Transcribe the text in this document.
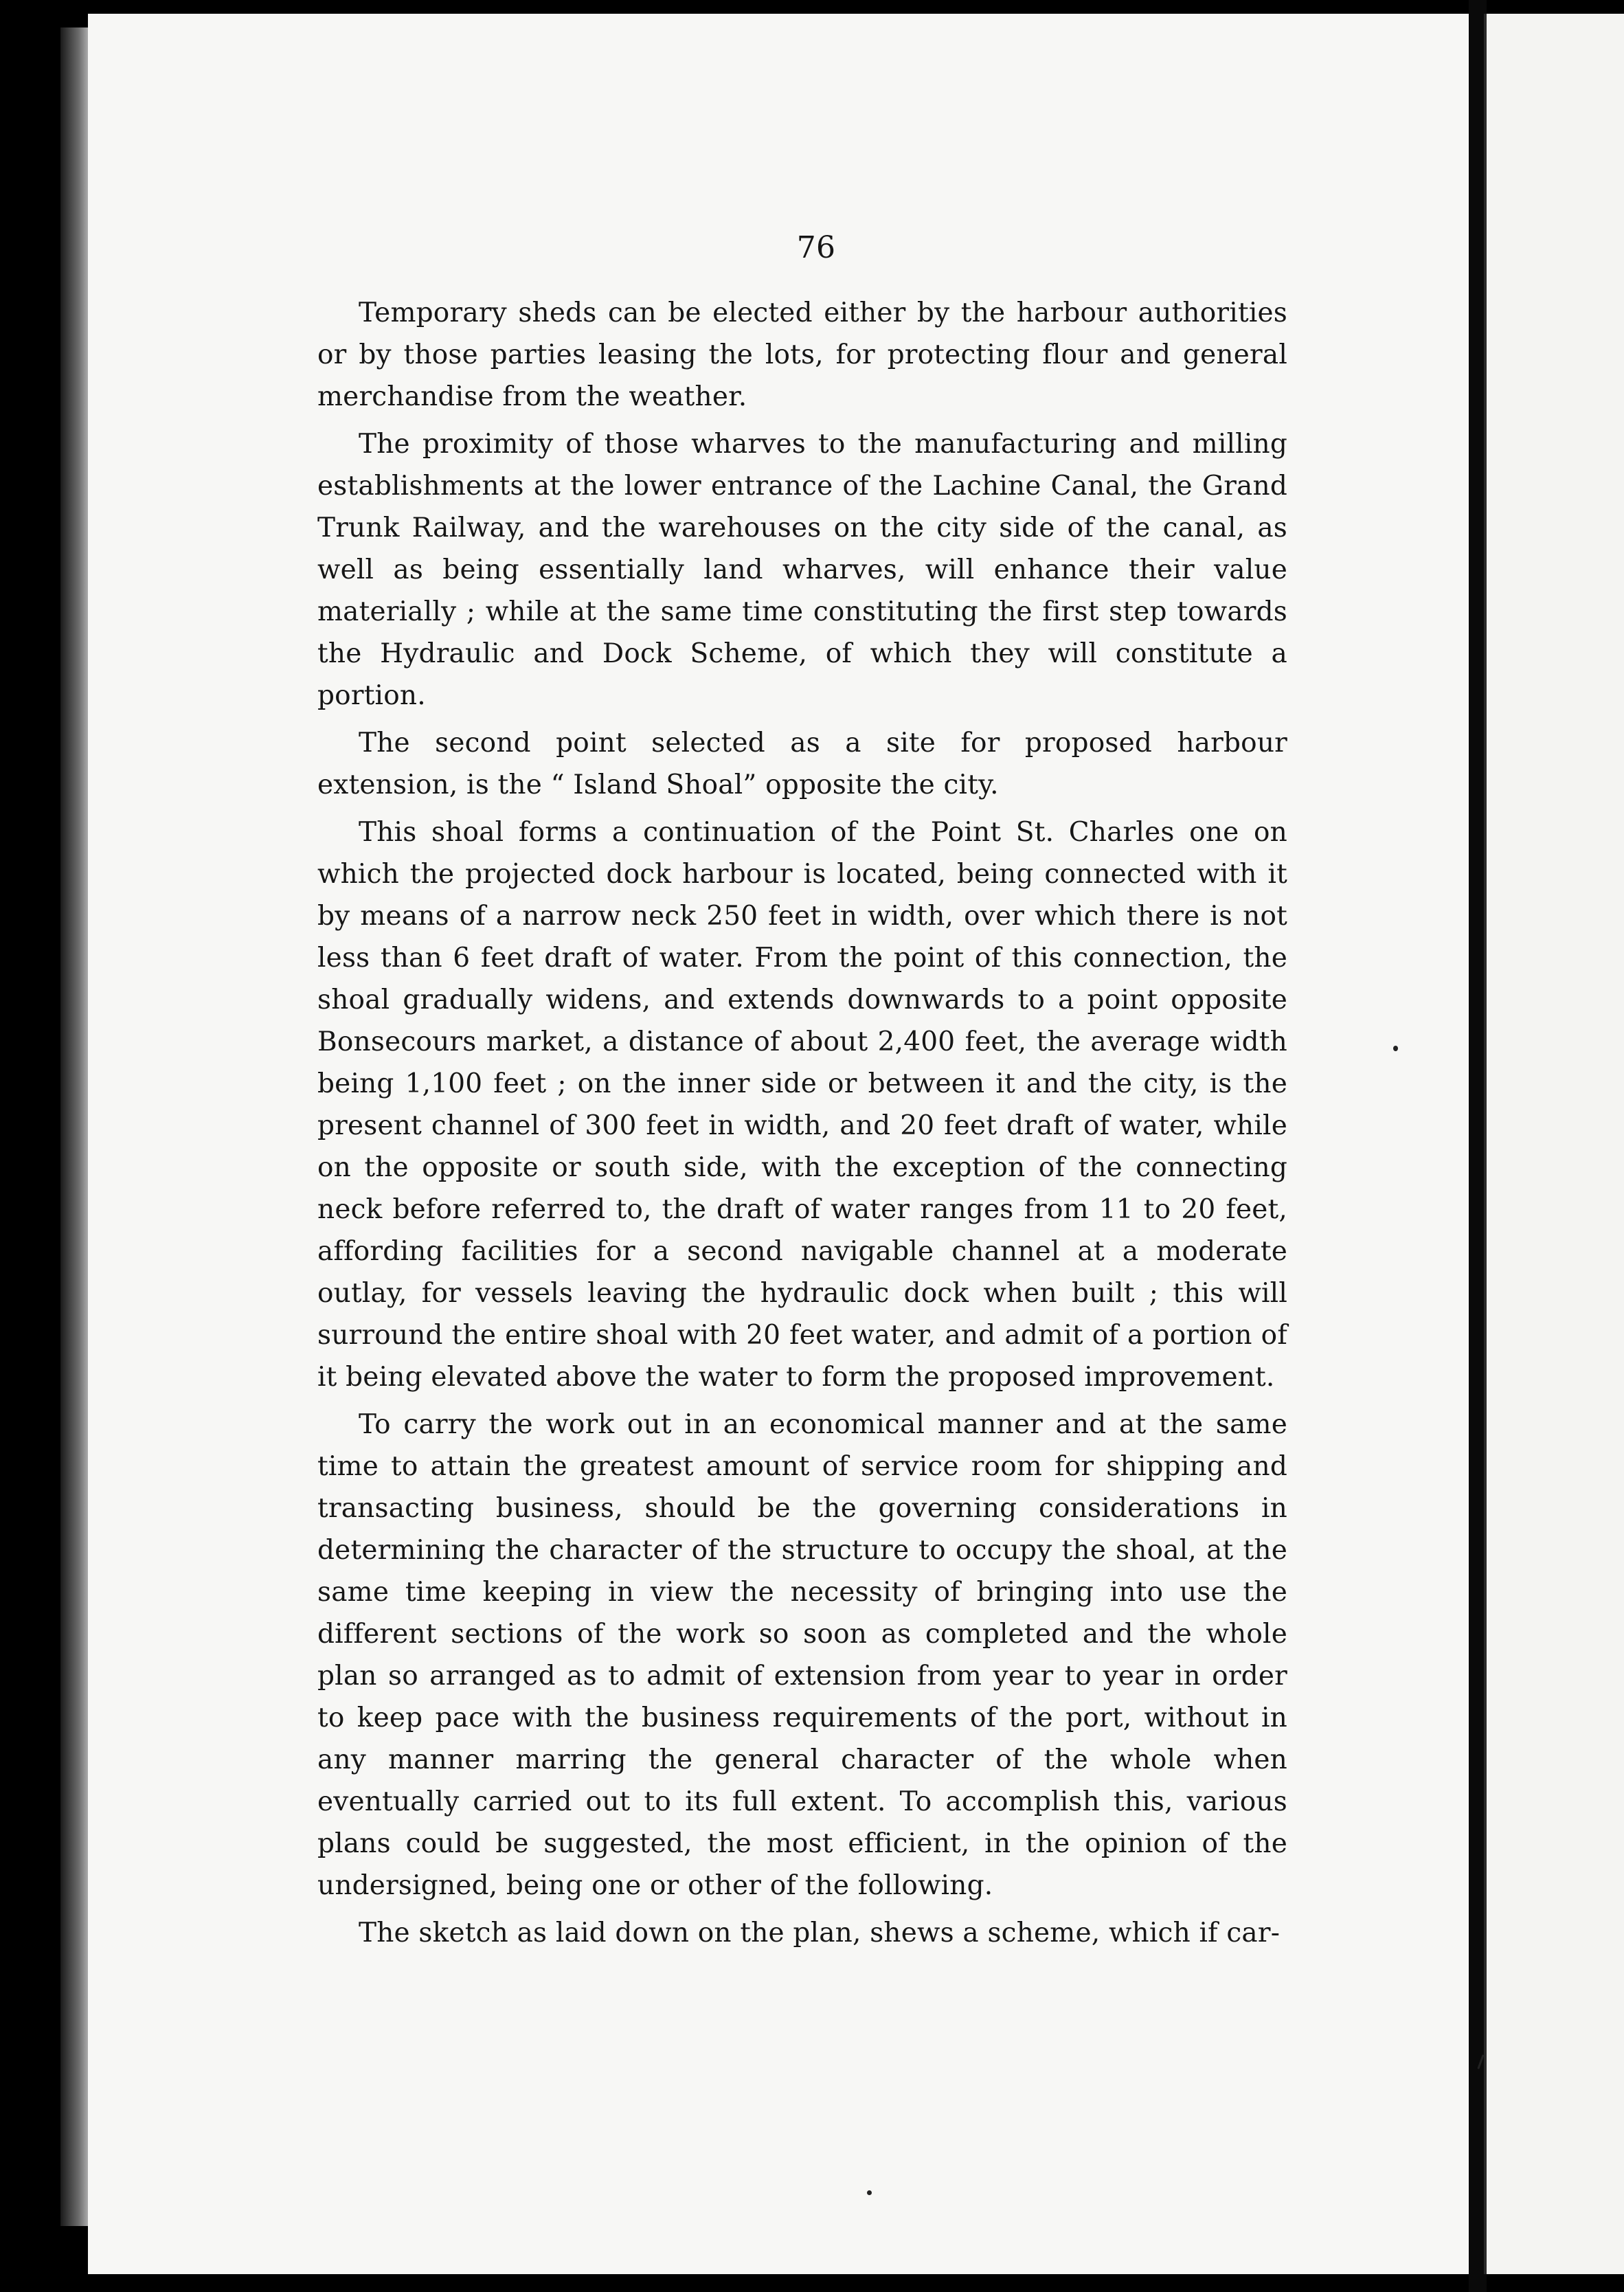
76

Temporary sheds can be elected either by the harbour authorities or by those parties leasing the lots, for protecting flour and general merchandise from the weather.

The proximity of those wharves to the manufacturing and milling establishments at the lower entrance of the Lachine Canal, the Grand Trunk Railway, and the warehouses on the city side of the canal, as well as being essentially land wharves, will enhance their value materially ; while at the same time constituting the first step towards the Hydraulic and Dock Scheme, of which they will constitute a portion.

The second point selected as a site for proposed harbour extension, is the “ Island Shoal” opposite the city.

This shoal forms a continuation of the Point St. Charles one on which the projected dock harbour is located, being connected with it by means of a narrow neck 250 feet in width, over which there is not less than 6 feet draft of water. From the point of this connection, the shoal gradually widens, and extends downwards to a point opposite Bonsecours market, a distance of about 2,400 feet, the average width being 1,100 feet ; on the inner side or between it and the city, is the present channel of 300 feet in width, and 20 feet draft of water, while on the opposite or south side, with the exception of the connecting neck before referred to, the draft of water ranges from 11 to 20 feet, affording facilities for a second navigable channel at a moderate outlay, for vessels leaving the hydraulic dock when built ; this will surround the entire shoal with 20 feet water, and admit of a portion of it being elevated above the water to form the proposed improvement.

To carry the work out in an economical manner and at the same time to attain the greatest amount of service room for shipping and transacting business, should be the governing considerations in determining the character of the structure to occupy the shoal, at the same time keeping in view the necessity of bringing into use the different sections of the work so soon as completed and the whole plan so arranged as to admit of extension from year to year in order to keep pace with the business requirements of the port, without in any manner marring the general character of the whole when eventually carried out to its full extent. To accomplish this, various plans could be suggested, the most efficient, in the opinion of the undersigned, being one or other of the following.

The sketch as laid down on the plan, shews a scheme, which if car-
